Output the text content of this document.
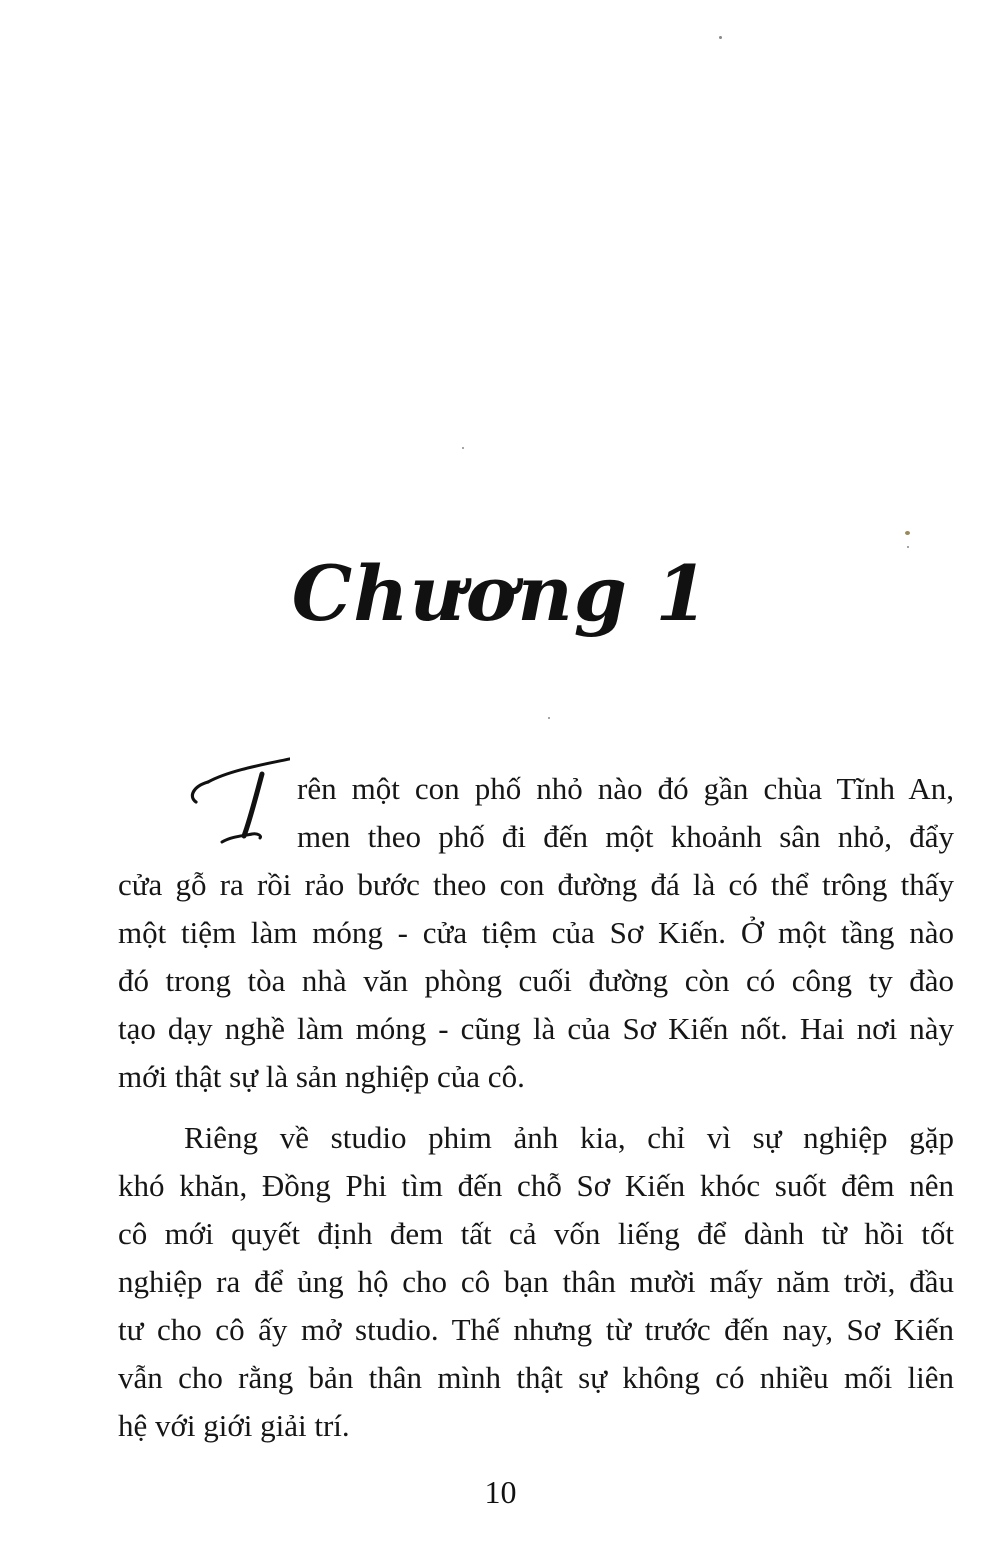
Chương 1
rên một con phố nhỏ nào đó gần chùa Tĩnh An,
men theo phố đi đến một khoảnh sân nhỏ, đẩy
cửa gỗ ra rồi rảo bước theo con đường đá là có thể trông thấy
một tiệm làm móng - cửa tiệm của Sơ Kiến. Ở một tầng nào
đó trong tòa nhà văn phòng cuối đường còn có công ty đào
tạo dạy nghề làm móng - cũng là của Sơ Kiến nốt. Hai nơi này
mới thật sự là sản nghiệp của cô.
Riêng về studio phim ảnh kia, chỉ vì sự nghiệp gặp
khó khăn, Đồng Phi tìm đến chỗ Sơ Kiến khóc suốt đêm nên
cô mới quyết định đem tất cả vốn liếng để dành từ hồi tốt
nghiệp ra để ủng hộ cho cô bạn thân mười mấy năm trời, đầu
tư cho cô ấy mở studio. Thế nhưng từ trước đến nay, Sơ Kiến
vẫn cho rằng bản thân mình thật sự không có nhiều mối liên
hệ với giới giải trí.
10
